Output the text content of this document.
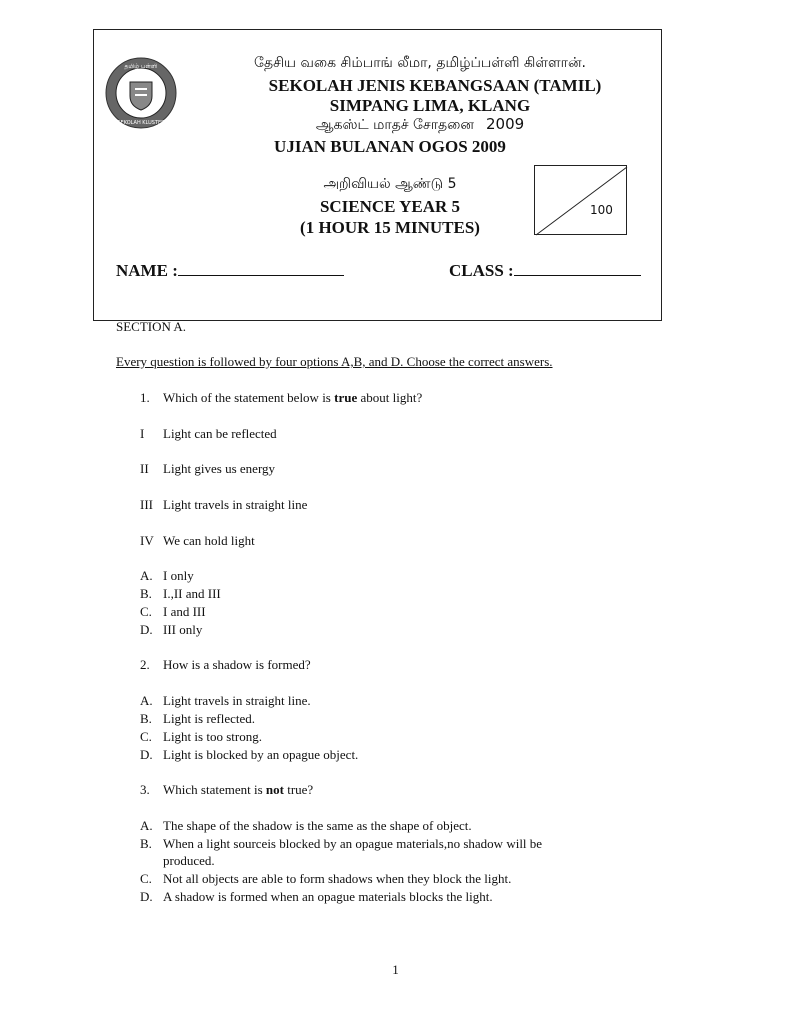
தமிழ் பள்ளி
SEKOLAH KLUSTER
தேசிய வகை சிம்பாங் லீமா, தமிழ்ப்பள்ளி கிள்ளான்.
SEKOLAH JENIS KEBANGSAAN (TAMIL)
SIMPANG LIMA, KLANG
ஆகஸ்ட் மாதச் சோதனை 2009
UJIAN BULANAN OGOS 2009
அறிவியல் ஆண்டு 5
SCIENCE YEAR 5
(1 HOUR 15 MINUTES)
100
NAME :	CLASS :
SECTION A.
Every question is followed by four options A,B, and D. Choose the correct answers.
1. Which of the statement below is true about light?
I Light can be reflected
II Light gives us energy
III Light travels in straight line
IV We can hold light
A. I only
B. I.,II and III
C. I and III
D. III only
2. How is a shadow is formed?
A. Light travels in straight line.
B. Light is reflected.
C. Light is too strong.
D. Light is blocked by an opague object.
3. Which statement is not true?
A. The shape of the shadow is the same as the shape of object.
B. When a light sourceis blocked by an opague materials,no shadow will be
produced.
C. Not all objects are able to form shadows when they block the light.
D. A shadow is formed when an opague materials blocks the light.
1
